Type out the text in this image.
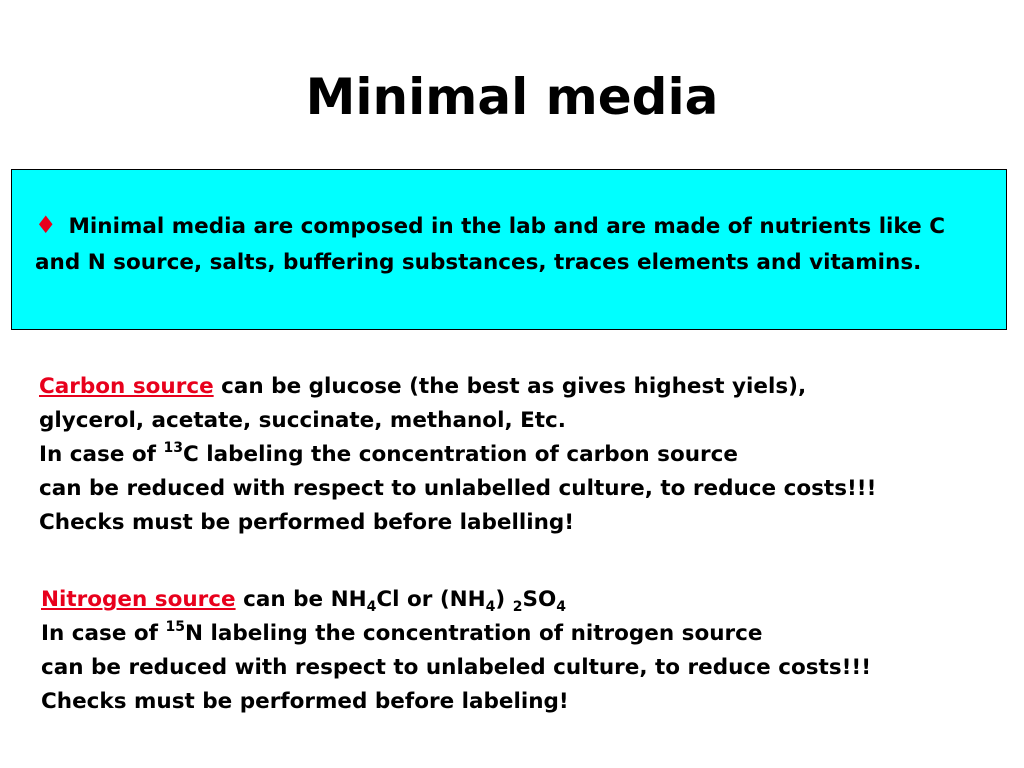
Minimal media

♦ Minimal media are composed in the lab and are made of nutrients like C and N source, salts, buffering substances, traces elements and vitamins.

Carbon source can be glucose (the best as gives highest yiels),
glycerol, acetate, succinate, methanol, Etc.
In case of $^{13}$C labeling the concentration of carbon source
can be reduced with respect to unlabelled culture, to reduce costs!!!
Checks must be performed before labelling!

Nitrogen source can be $NH_4Cl$ or $(NH_4)$ $_2SO_4$
In case of $^{15}$N labeling the concentration of nitrogen source
can be reduced with respect to unlabeled culture, to reduce costs!!!
Checks must be performed before labeling!
